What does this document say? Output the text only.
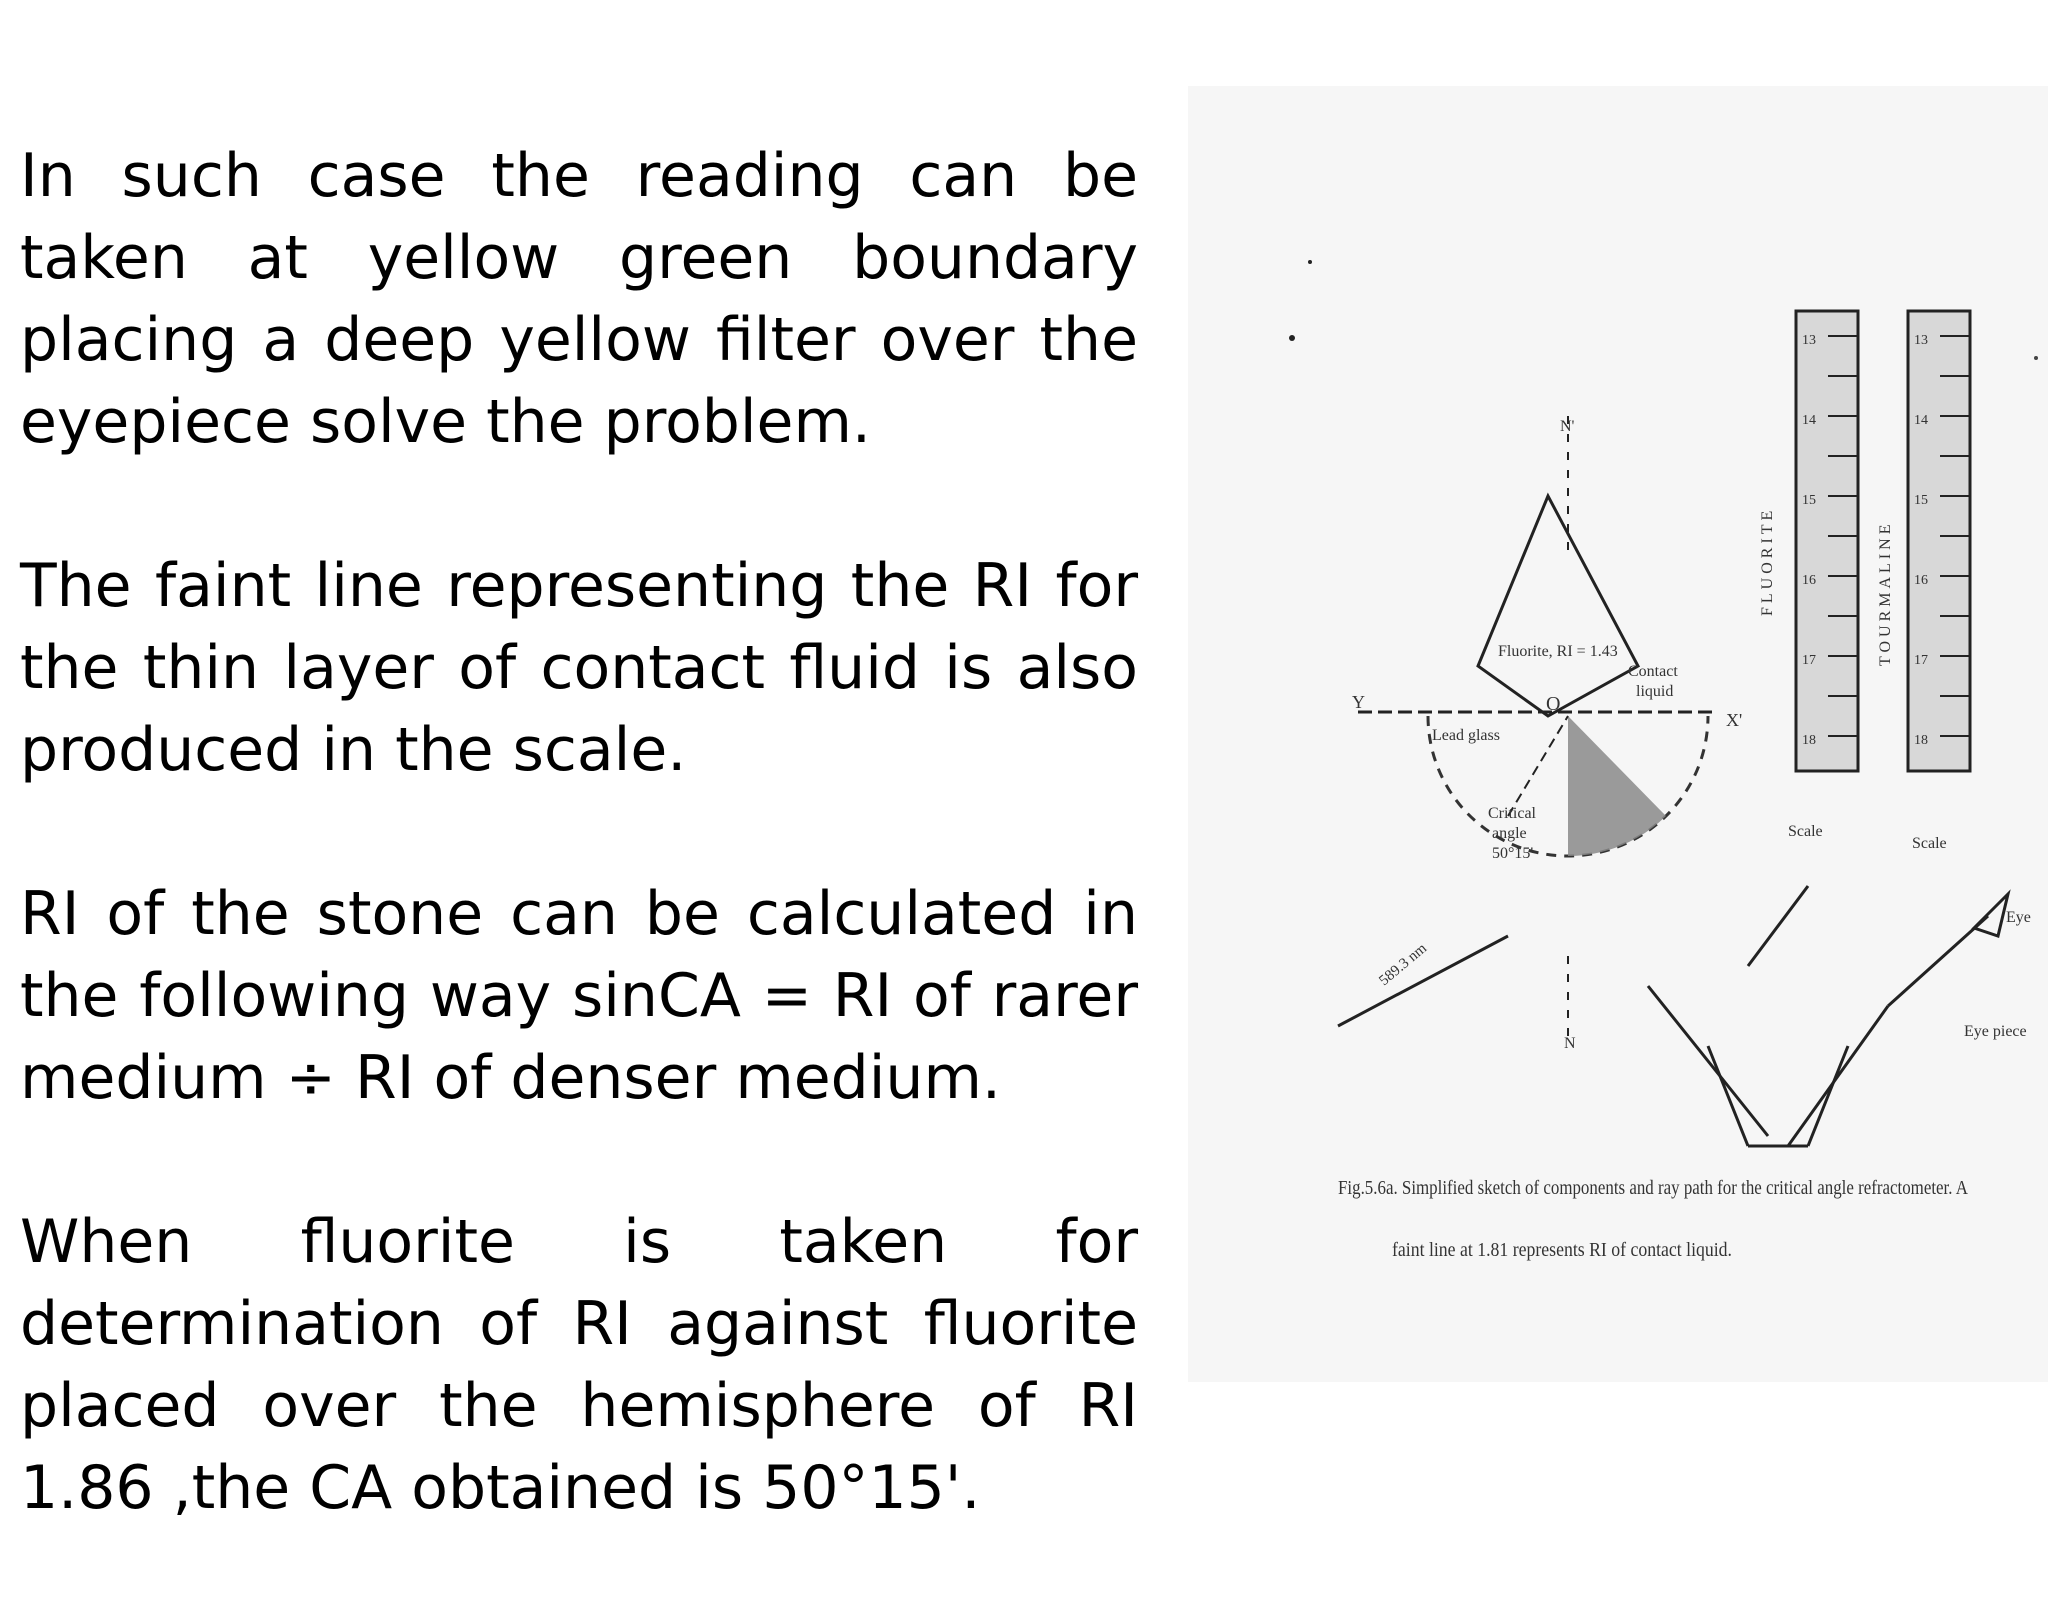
In such case the reading can be taken at yellow green boundary placing a deep yellow filter over the eyepiece solve the problem.

The faint line representing the RI for the thin layer of contact fluid is also produced in the scale.

RI of the stone can be calculated in the following way sinCA = RI of rarer medium ÷ RI of denser medium.

When fluorite is taken for determination of RI against fluorite placed over the hemisphere of RI 1.86 ,the CA obtained is 50°15'.

13
14
15
16
17
18
13
14
15
16
17
18
FLUORITE	TOURMALINE
Fluorite, RI = 1.43
Contact
liquid
O
Y
X'
Lead glass
Critical
angle
50°15'
N'
N
Scale
Scale
Eye
Eye piece
589.3 nm
Fig.5.6a. Simplified sketch of components and ray path for the critical angle refractometer. A
faint line at 1.81 represents RI of contact liquid.
